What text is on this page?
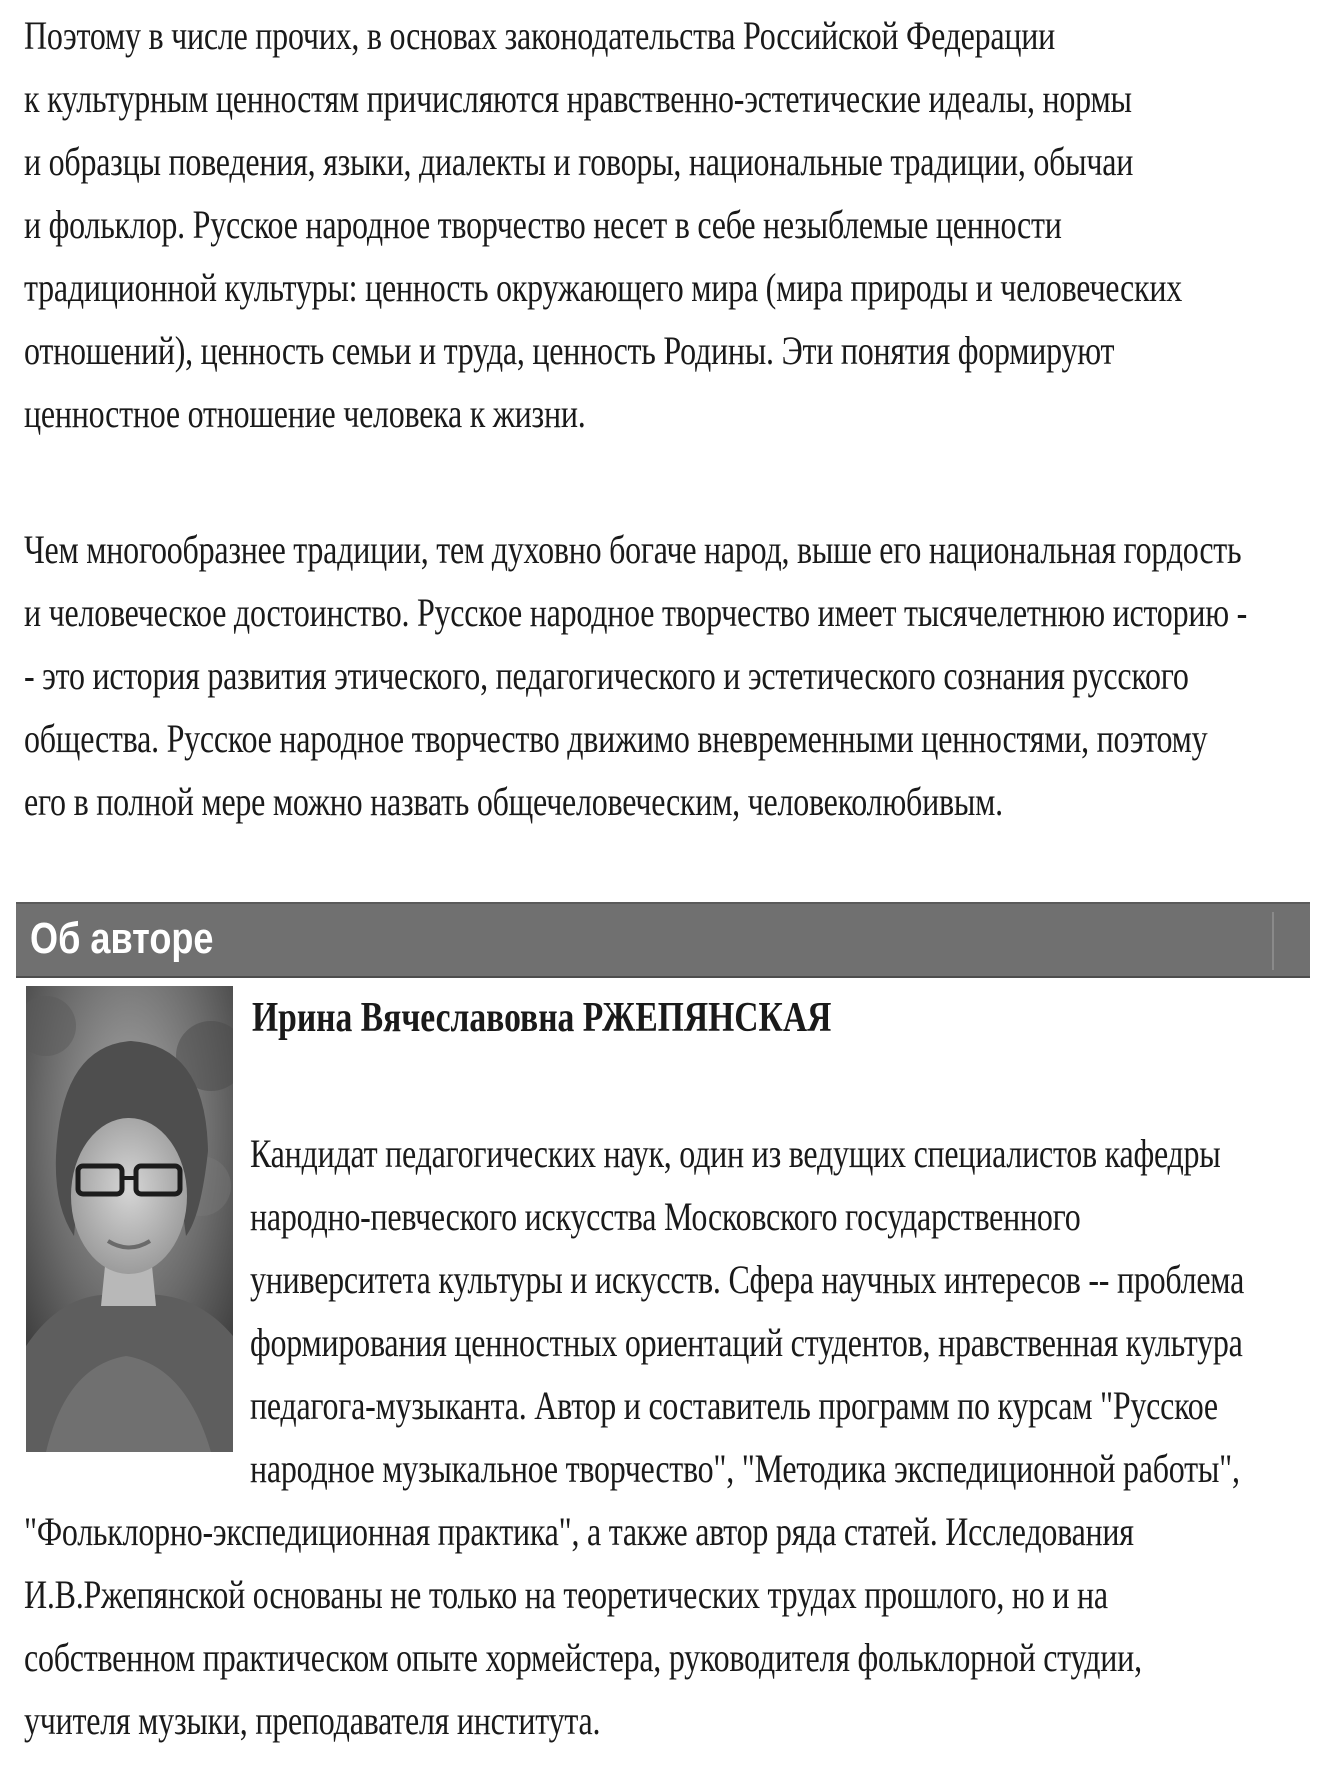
Поэтому в числе прочих, в основах законодательства Российской Федерации
к культурным ценностям причисляются нравственно-эстетические идеалы, нормы
и образцы поведения, языки, диалекты и говоры, национальные традиции, обычаи
и фольклор. Русское народное творчество несет в себе незыблемые ценности
традиционной культуры: ценность окружающего мира (мира природы и человеческих
отношений), ценность семьи и труда, ценность Родины. Эти понятия формируют
ценностное отношение человека к жизни.
Чем многообразнее традиции, тем духовно богаче народ, выше его национальная гордость
и человеческое достоинство. Русское народное творчество имеет тысячелетнюю историю -
- это история развития этического, педагогического и эстетического сознания русского
общества. Русское народное творчество движимо вневременными ценностями, поэтому
его в полной мере можно назвать общечеловеческим, человеколюбивым.
Об авторе
Ирина Вячеславовна РЖЕПЯНСКАЯ
Кандидат педагогических наук, один из ведущих специалистов кафедры
народно-певческого искусства Московского государственного
университета культуры и искусств. Сфера научных интересов -- проблема
формирования ценностных ориентаций студентов, нравственная культура
педагога-музыканта. Автор и составитель программ по курсам "Русское
народное музыкальное творчество", "Методика экспедиционной работы",
"Фольклорно-экспедиционная практика", а также автор ряда статей. Исследования
И.В.Ржепянской основаны не только на теоретических трудах прошлого, но и на
собственном практическом опыте хормейстера, руководителя фольклорной студии,
учителя музыки, преподавателя института.
